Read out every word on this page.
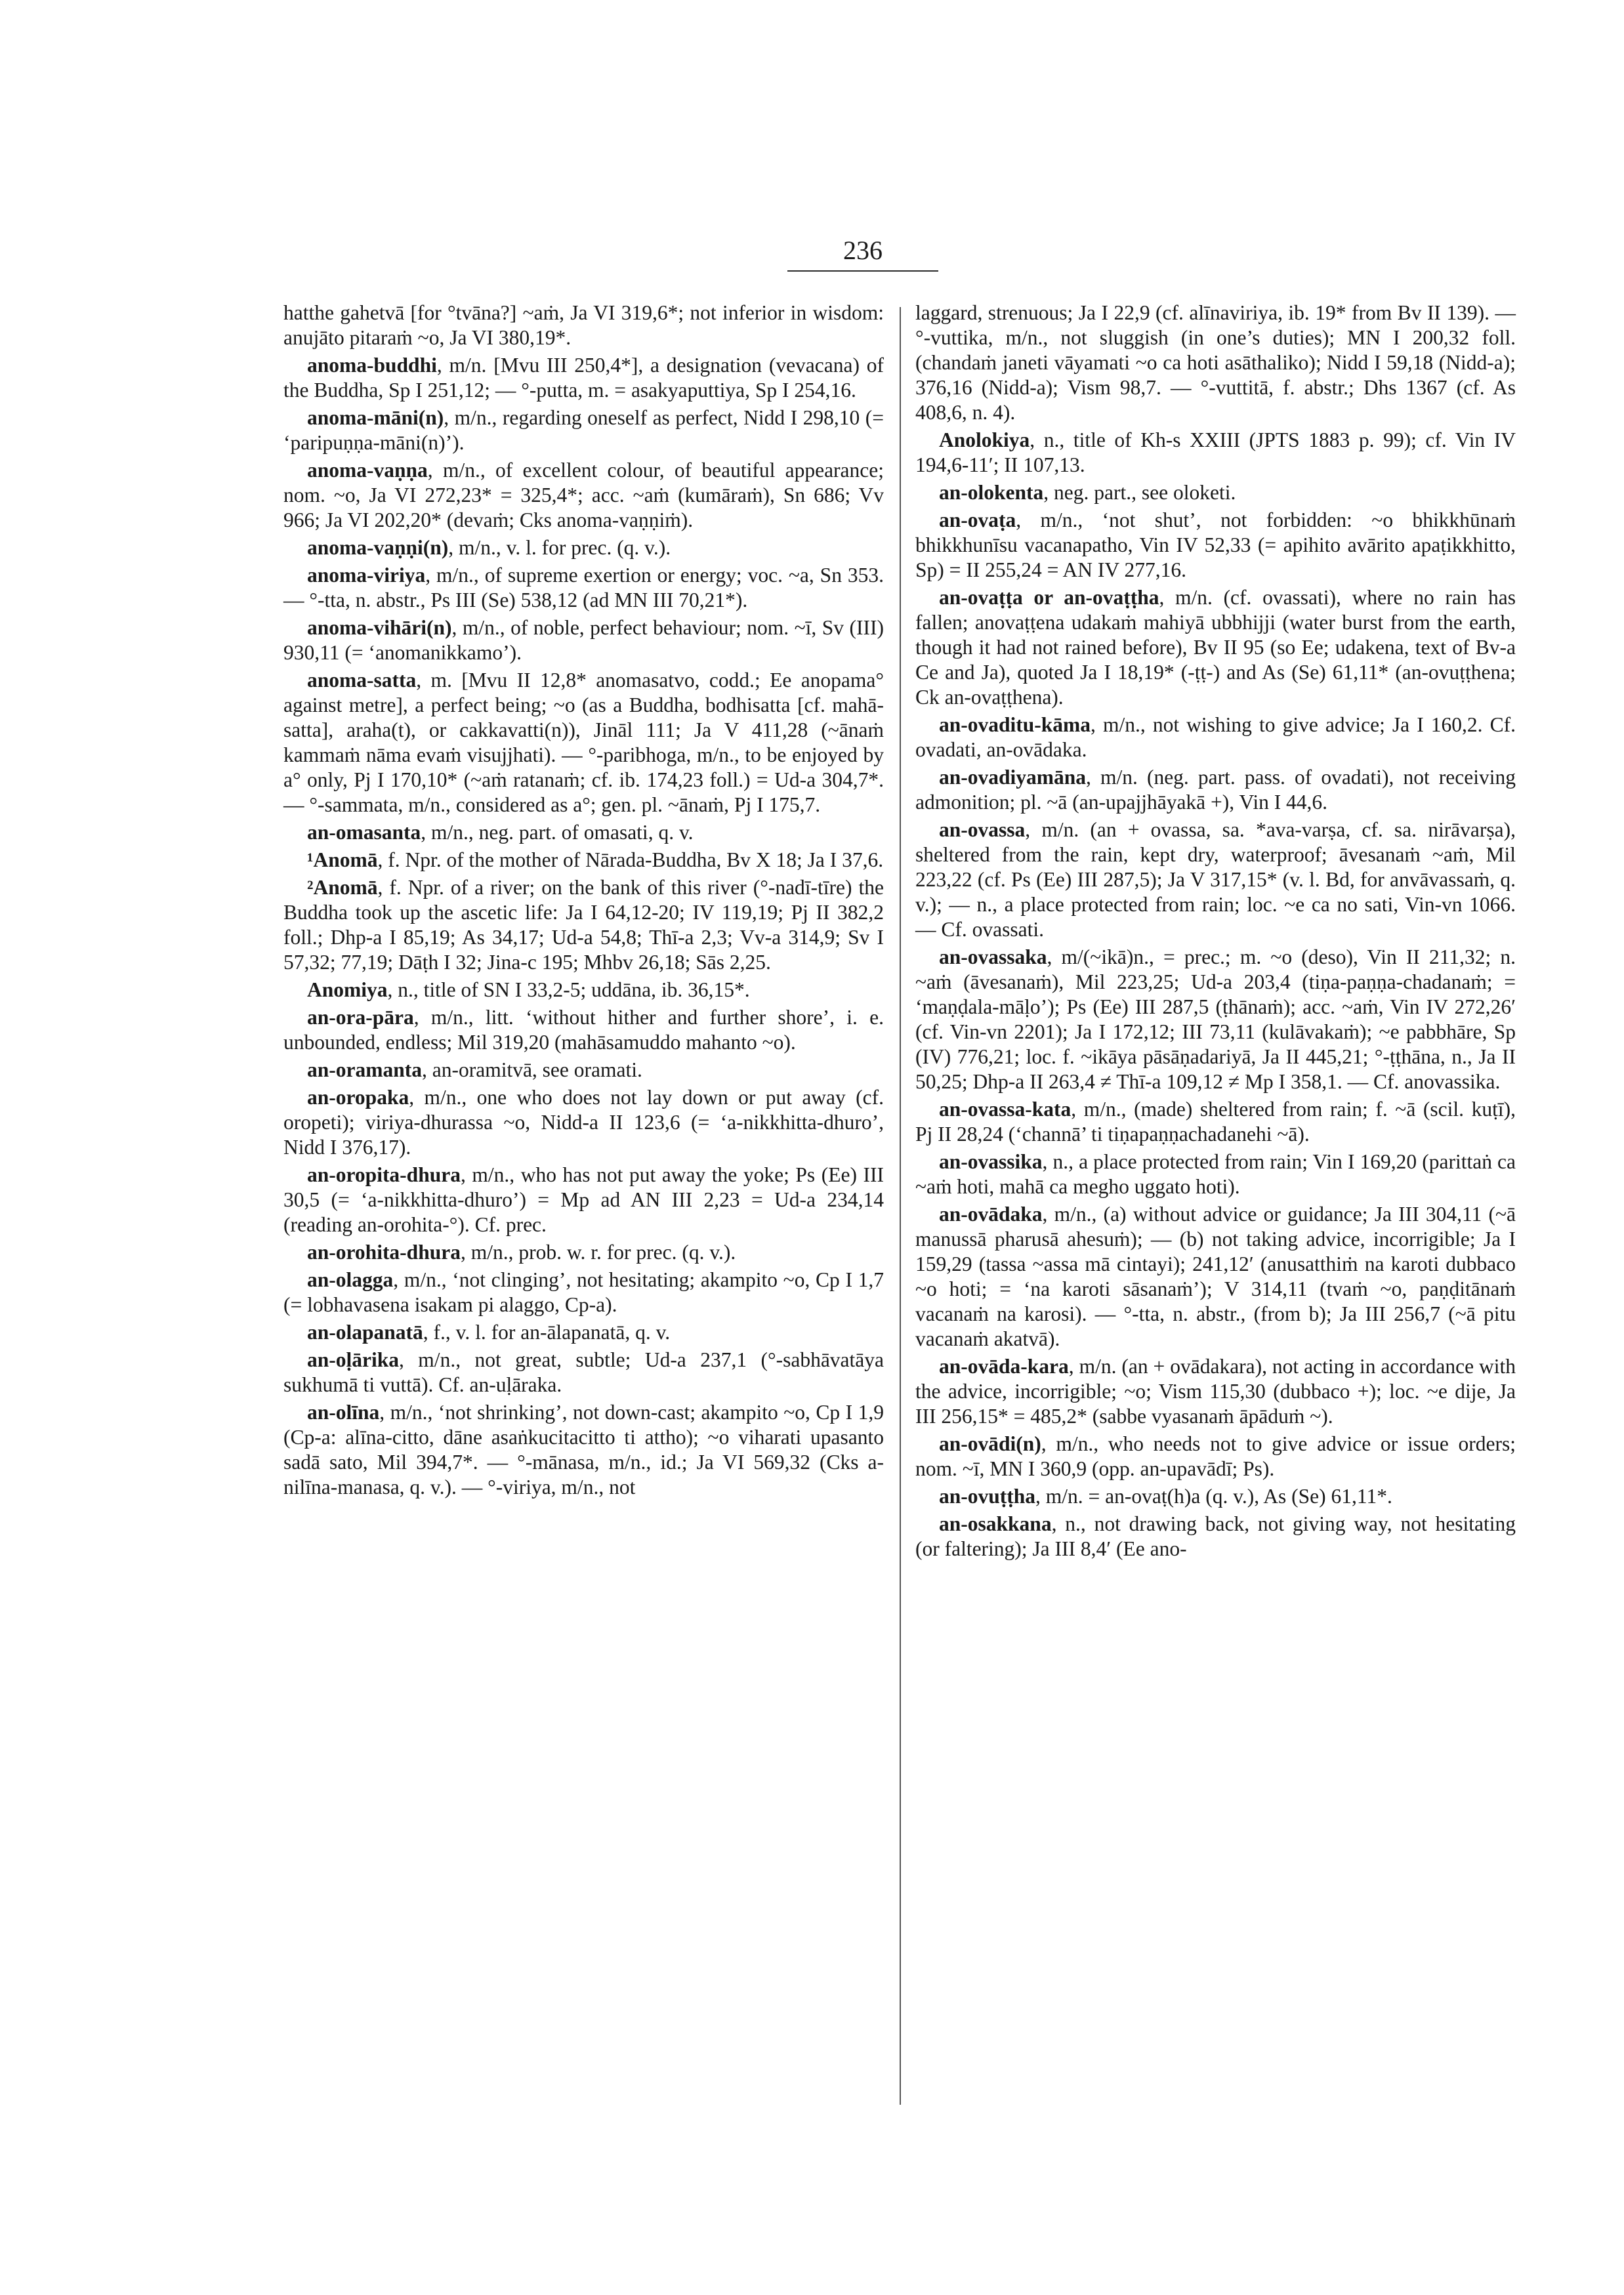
236

hatthe gahetvā [for °tvāna?] ~aṁ, Ja VI 319,6*; not inferior in wisdom: anujāto pitaraṁ ~o, Ja VI 380,19*.

anoma-buddhi, m/n. [Mvu III 250,4*], a designation (vevacana) of the Buddha, Sp I 251,12; — °-putta, m. = asakyaputtiya, Sp I 254,16.

anoma-māni(n), m/n., regarding oneself as perfect, Nidd I 298,10 (= ‘paripuṇṇa-māni(n)’).

anoma-vaṇṇa, m/n., of excellent colour, of beautiful appearance; nom. ~o, Ja VI 272,23* = 325,4*; acc. ~aṁ (kumāraṁ), Sn 686; Vv 966; Ja VI 202,20* (devaṁ; Cks anoma-vaṇṇiṁ).

anoma-vaṇṇi(n), m/n., v. l. for prec. (q. v.).

anoma-viriya, m/n., of supreme exertion or energy; voc. ~a, Sn 353. — °-tta, n. abstr., Ps III (Se) 538,12 (ad MN III 70,21*).

anoma-vihāri(n), m/n., of noble, perfect behaviour; nom. ~ī, Sv (III) 930,11 (= ‘anomanikkamo’).

anoma-satta, m. [Mvu II 12,8* anomasatvo, codd.; Ee anopama° against metre], a perfect being; ~o (as a Buddha, bodhisatta [cf. mahā-satta], araha(t), or cakkavatti(n)), Jināl 111; Ja V 411,28 (~ānaṁ kammaṁ nāma evaṁ visujjhati). — °-paribhoga, m/n., to be enjoyed by a° only, Pj I 170,10* (~aṁ ratanaṁ; cf. ib. 174,23 foll.) = Ud-a 304,7*. — °-sammata, m/n., considered as a°; gen. pl. ~ānaṁ, Pj I 175,7.

an-omasanta, m/n., neg. part. of omasati, q. v.

¹Anomā, f. Npr. of the mother of Nārada-Buddha, Bv X 18; Ja I 37,6.

²Anomā, f. Npr. of a river; on the bank of this river (°-nadī-tīre) the Buddha took up the ascetic life: Ja I 64,12-20; IV 119,19; Pj II 382,2 foll.; Dhp-a I 85,19; As 34,17; Ud-a 54,8; Thī-a 2,3; Vv-a 314,9; Sv I 57,32; 77,19; Dāṭh I 32; Jina-c 195; Mhbv 26,18; Sās 2,25.

Anomiya, n., title of SN I 33,2-5; uddāna, ib. 36,15*.

an-ora-pāra, m/n., litt. ‘without hither and further shore’, i. e. unbounded, endless; Mil 319,20 (mahāsamuddo mahanto ~o).

an-oramanta, an-oramitvā, see oramati.

an-oropaka, m/n., one who does not lay down or put away (cf. oropeti); viriya-dhurassa ~o, Nidd-a II 123,6 (= ‘a-nikkhitta-dhuro’, Nidd I 376,17).

an-oropita-dhura, m/n., who has not put away the yoke; Ps (Ee) III 30,5 (= ‘a-nikkhitta-dhuro’) = Mp ad AN III 2,23 = Ud-a 234,14 (reading an-orohita-°). Cf. prec.

an-orohita-dhura, m/n., prob. w. r. for prec. (q. v.).

an-olagga, m/n., ‘not clinging’, not hesitating; akampito ~o, Cp I 1,7 (= lobhavasena isakam pi alaggo, Cp-a).

an-olapanatā, f., v. l. for an-ālapanatā, q. v.

an-oḷārika, m/n., not great, subtle; Ud-a 237,1 (°-sabhāvatāya sukhumā ti vuttā). Cf. an-uḷāraka.

an-olīna, m/n., ‘not shrinking’, not down-cast; akampito ~o, Cp I 1,9 (Cp-a: alīna-citto, dāne asaṅkucitacitto ti attho); ~o viharati upasanto sadā sato, Mil 394,7*. — °-mānasa, m/n., id.; Ja VI 569,32 (Cks a-nilīna-manasa, q. v.). — °-viriya, m/n., not

laggard, strenuous; Ja I 22,9 (cf. alīnaviriya, ib. 19* from Bv II 139). — °-vuttika, m/n., not sluggish (in one’s duties); MN I 200,32 foll. (chandaṁ janeti vāyamati ~o ca hoti asāthaliko); Nidd I 59,18 (Nidd-a); 376,16 (Nidd-a); Vism 98,7. — °-vuttitā, f. abstr.; Dhs 1367 (cf. As 408,6, n. 4).

Anolokiya, n., title of Kh-s XXIII (JPTS 1883 p. 99); cf. Vin IV 194,6-11′; II 107,13.

an-olokenta, neg. part., see oloketi.

an-ovaṭa, m/n., ‘not shut’, not forbidden: ~o bhikkhūnaṁ bhikkhunīsu vacanapatho, Vin IV 52,33 (= apihito avārito apaṭikkhitto, Sp) = II 255,24 = AN IV 277,16.

an-ovaṭṭa or an-ovaṭṭha, m/n. (cf. ovassati), where no rain has fallen; anovaṭṭena udakaṁ mahiyā ubbhijji (water burst from the earth, though it had not rained before), Bv II 95 (so Ee; udakena, text of Bv-a Ce and Ja), quoted Ja I 18,19* (-ṭṭ-) and As (Se) 61,11* (an-ovuṭṭhena; Ck an-ovaṭṭhena).

an-ovaditu-kāma, m/n., not wishing to give advice; Ja I 160,2. Cf. ovadati, an-ovādaka.

an-ovadiyamāna, m/n. (neg. part. pass. of ovadati), not receiving admonition; pl. ~ā (an-upajjhāyakā +), Vin I 44,6.

an-ovassa, m/n. (an + ovassa, sa. *ava-varṣa, cf. sa. nirāvarṣa), sheltered from the rain, kept dry, waterproof; āvesanaṁ ~aṁ, Mil 223,22 (cf. Ps (Ee) III 287,5); Ja V 317,15* (v. l. Bd, for anvāvassaṁ, q. v.); — n., a place protected from rain; loc. ~e ca no sati, Vin-vn 1066. — Cf. ovassati.

an-ovassaka, m/(~ikā)n., = prec.; m. ~o (deso), Vin II 211,32; n. ~aṁ (āvesanaṁ), Mil 223,25; Ud-a 203,4 (tiṇa-paṇṇa-chadanaṁ; = ‘maṇḍala-māḷo’); Ps (Ee) III 287,5 (ṭhānaṁ); acc. ~aṁ, Vin IV 272,26′ (cf. Vin-vn 2201); Ja I 172,12; III 73,11 (kulāvakaṁ); ~e pabbhāre, Sp (IV) 776,21; loc. f. ~ikāya pāsāṇadariyā, Ja II 445,21; °-ṭṭhāna, n., Ja II 50,25; Dhp-a II 263,4 ≠ Thī-a 109,12 ≠ Mp I 358,1. — Cf. anovassika.

an-ovassa-kata, m/n., (made) sheltered from rain; f. ~ā (scil. kuṭī), Pj II 28,24 (‘channā’ ti tiṇapaṇṇachadanehi ~ā).

an-ovassika, n., a place protected from rain; Vin I 169,20 (parittaṅ ca ~aṁ hoti, mahā ca megho uggato hoti).

an-ovādaka, m/n., (a) without advice or guidance; Ja III 304,11 (~ā manussā pharusā ahesuṁ); — (b) not taking advice, incorrigible; Ja I 159,29 (tassa ~assa mā cintayi); 241,12′ (anusatthiṁ na karoti dubbaco ~o hoti; = ‘na karoti sāsanaṁ’); V 314,11 (tvaṁ ~o, paṇḍitānaṁ vacanaṁ na karosi). — °-tta, n. abstr., (from b); Ja III 256,7 (~ā pitu vacanaṁ akatvā).

an-ovāda-kara, m/n. (an + ovādakara), not acting in accordance with the advice, incorrigible; ~o; Vism 115,30 (dubbaco +); loc. ~e dije, Ja III 256,15* = 485,2* (sabbe vyasanaṁ āpāduṁ ~).

an-ovādi(n), m/n., who needs not to give advice or issue orders; nom. ~ī, MN I 360,9 (opp. an-upavādī; Ps).

an-ovuṭṭha, m/n. = an-ovaṭ(h)a (q. v.), As (Se) 61,11*.

an-osakkana, n., not drawing back, not giving way, not hesitating (or faltering); Ja III 8,4′ (Ee ano-
